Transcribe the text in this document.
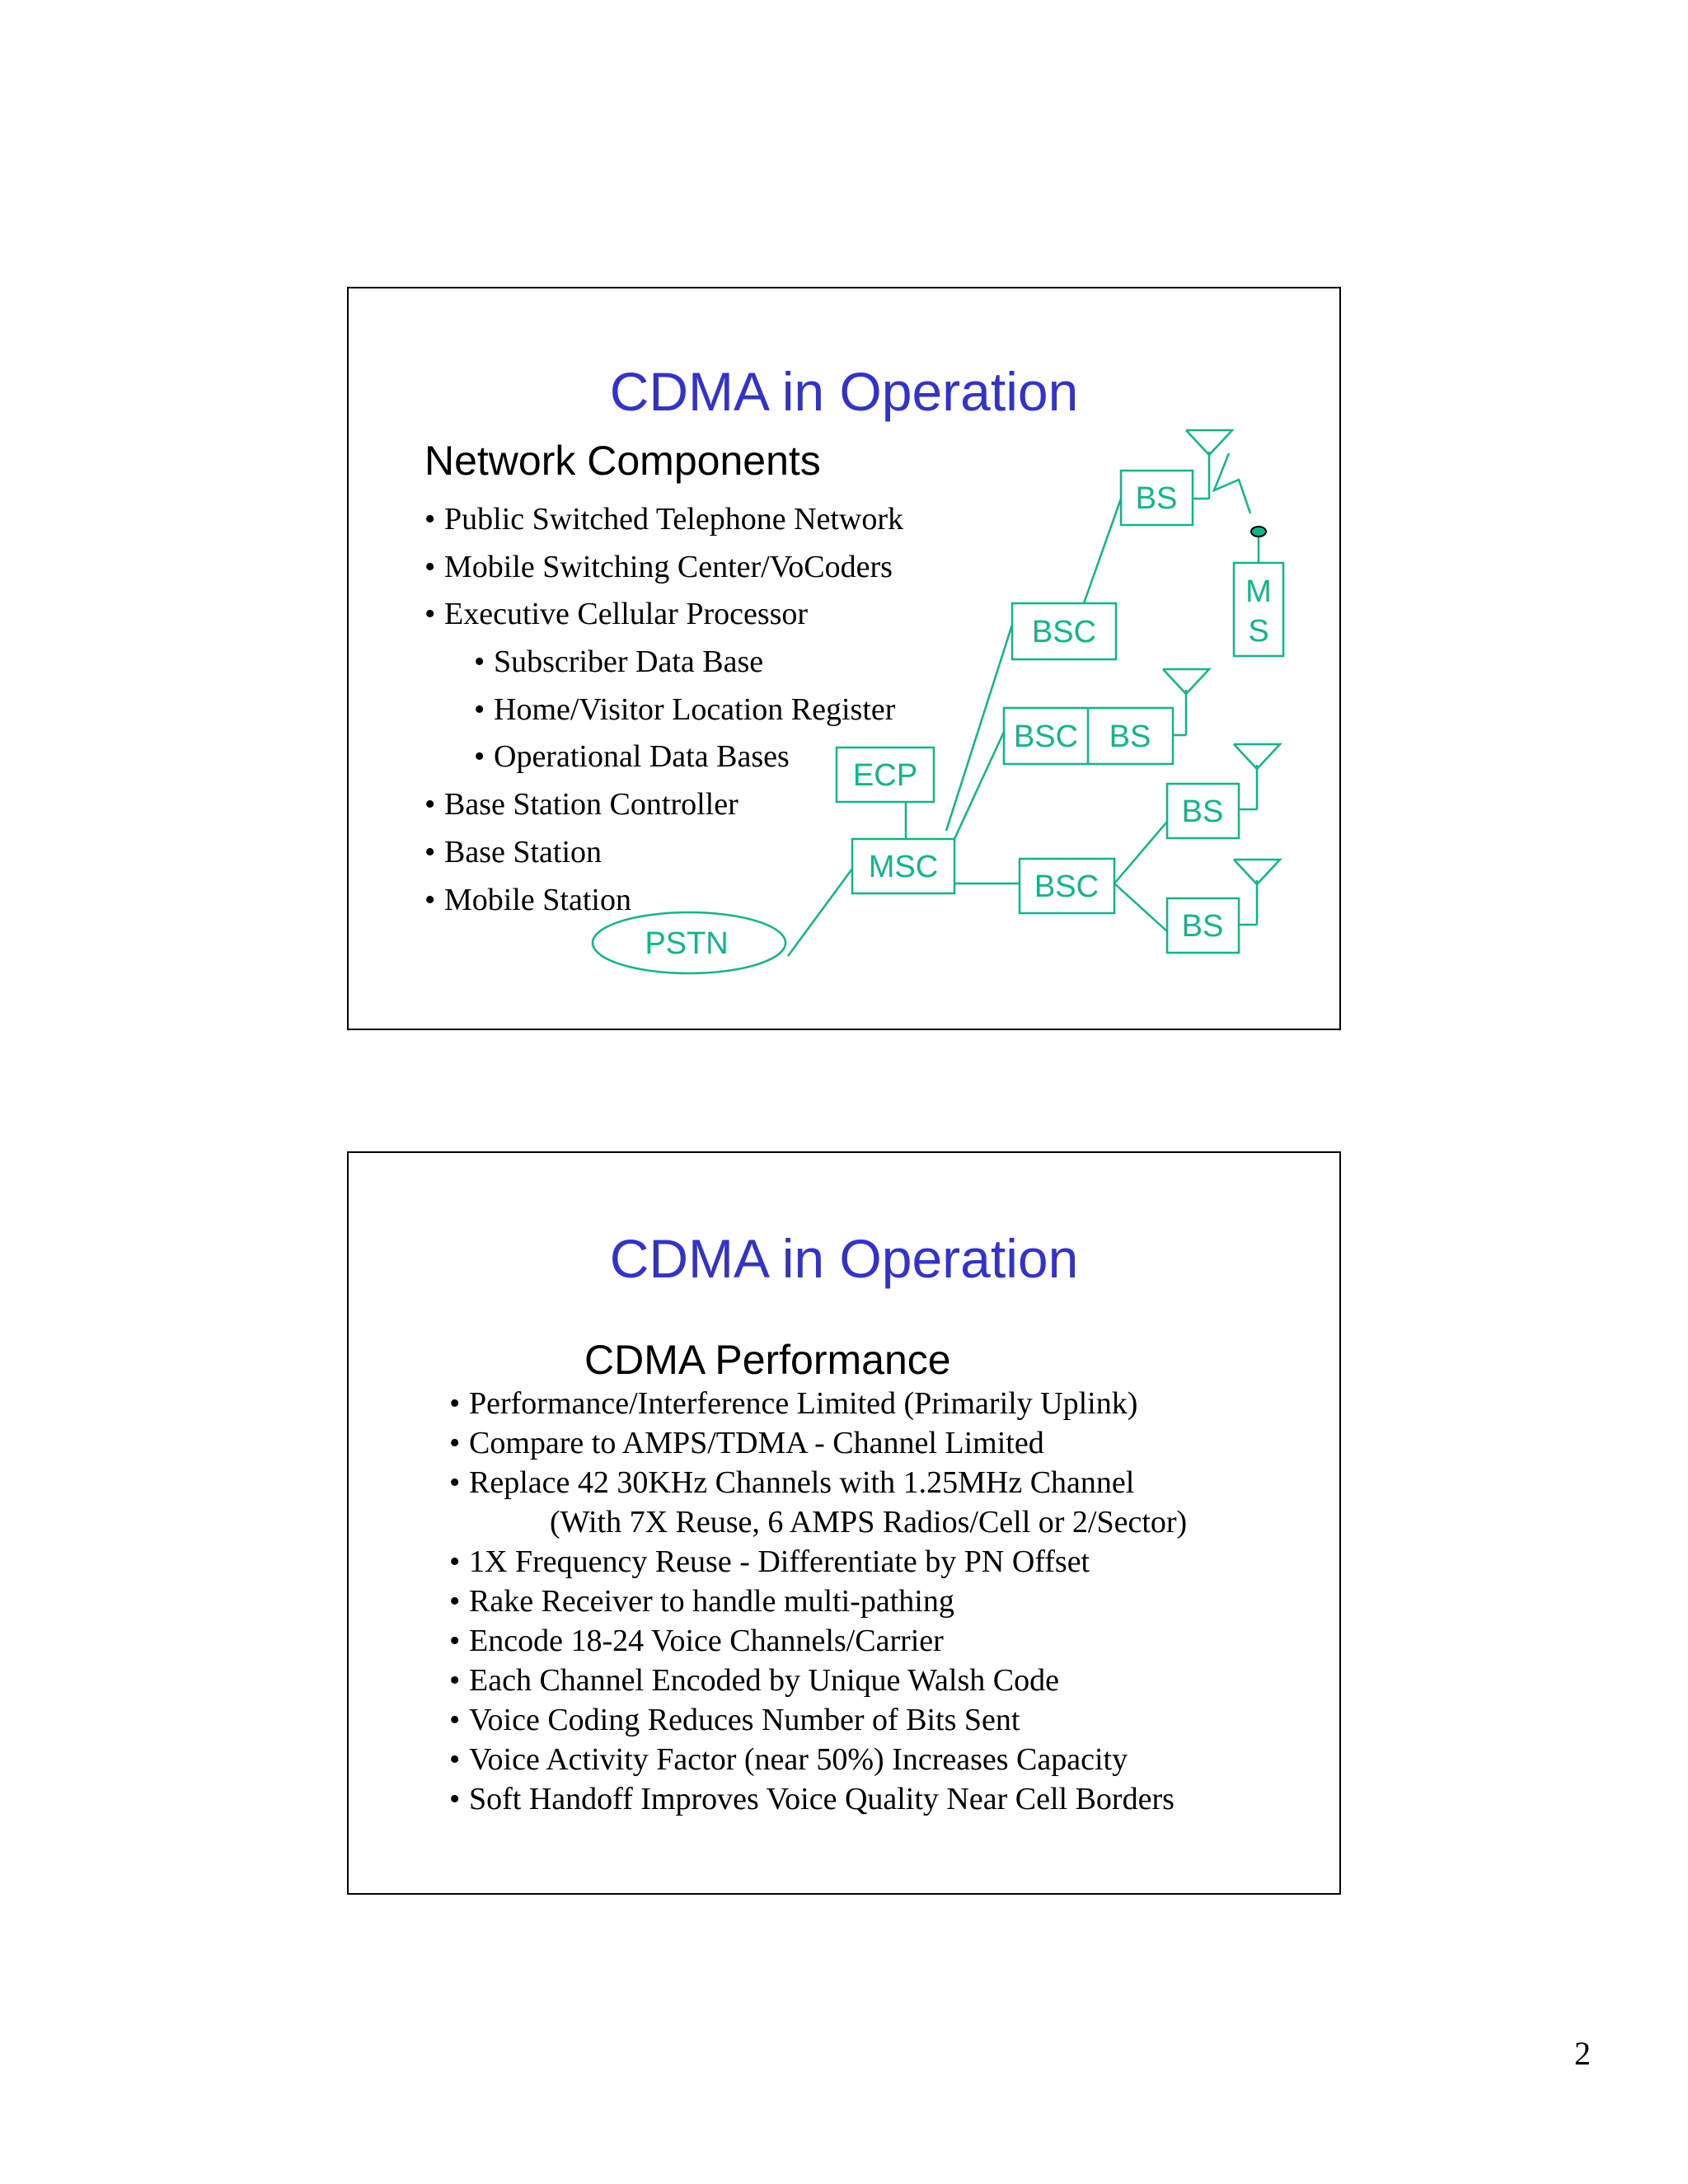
CDMA in Operation
Network Components
• Public Switched Telephone Network
• Mobile Switching Center/VoCoders
• Executive Cellular Processor
• Subscriber Data Base
• Home/Visitor Location Register
• Operational Data Bases
• Base Station Controller
• Base Station
• Mobile Station
PSTN
MSC
ECP
BSC
BSC BS
BSC
BS
BS
BS
M
S
CDMA in Operation
CDMA Performance
• Performance/Interference Limited (Primarily Uplink)
• Compare to AMPS/TDMA - Channel Limited
• Replace 42 30KHz Channels with 1.25MHz Channel
(With 7X Reuse, 6 AMPS Radios/Cell or 2/Sector)
• 1X Frequency Reuse - Differentiate by PN Offset
• Rake Receiver to handle multi-pathing
• Encode 18-24 Voice Channels/Carrier
• Each Channel Encoded by Unique Walsh Code
• Voice Coding Reduces Number of Bits Sent
• Voice Activity Factor (near 50%) Increases Capacity
• Soft Handoff Improves Voice Quality Near Cell Borders
2
